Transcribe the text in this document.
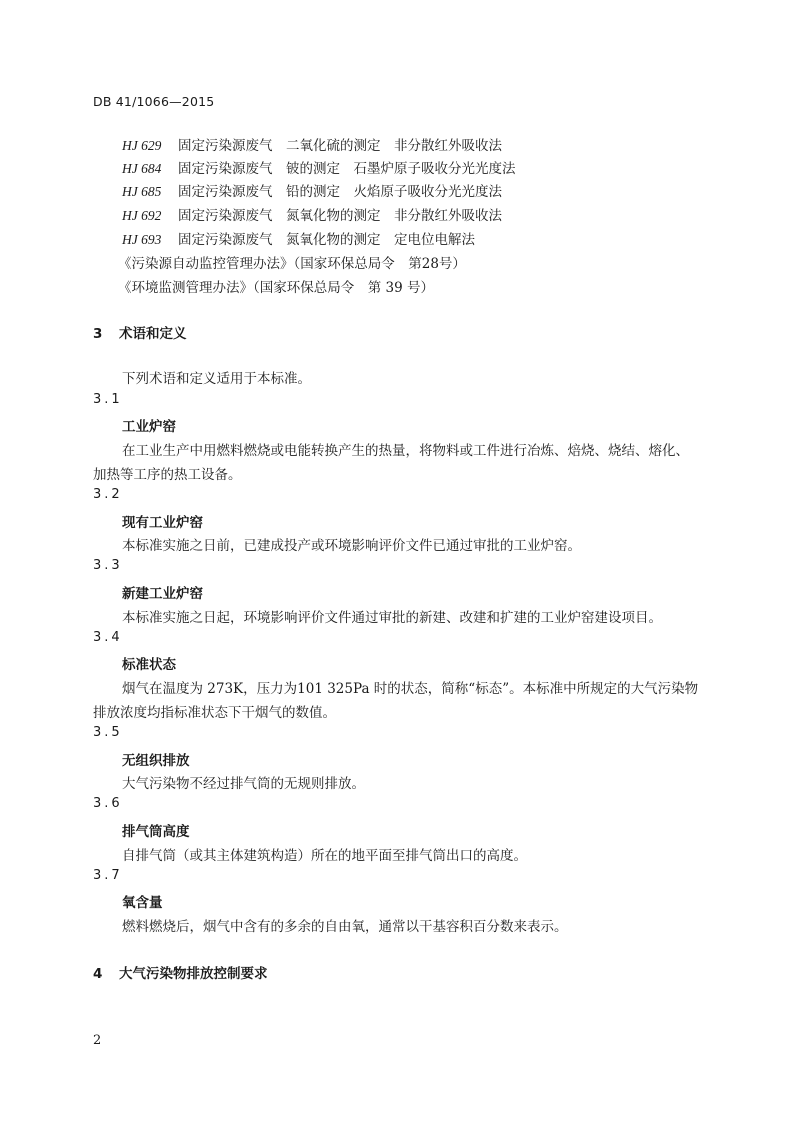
DB 41/1066—2015
HJ 629 固定污染源废气　二氧化硫的测定　非分散红外吸收法
HJ 684 固定污染源废气　铍的测定　石墨炉原子吸收分光光度法
HJ 685 固定污染源废气　铅的测定　火焰原子吸收分光光度法
HJ 692 固定污染源废气　氮氧化物的测定　非分散红外吸收法
HJ 693 固定污染源废气　氮氧化物的测定　定电位电解法
《污染源自动监控管理办法》（国家环保总局令　第28号）
《环境监测管理办法》（国家环保总局令　第 39 号）
3 术语和定义
下列术语和定义适用于本标准。
3.1
工业炉窑
在工业生产中用燃料燃烧或电能转换产生的热量，将物料或工件进行冶炼、焙烧、烧结、熔化、
加热等工序的热工设备。
3.2
现有工业炉窑
本标准实施之日前，已建成投产或环境影响评价文件已通过审批的工业炉窑。
3.3
新建工业炉窑
本标准实施之日起，环境影响评价文件通过审批的新建、改建和扩建的工业炉窑建设项目。
3.4
标准状态
烟气在温度为 273K，压力为101 325Pa 时的状态，简称“标态”。本标准中所规定的大气污染物
排放浓度均指标准状态下干烟气的数值。
3.5
无组织排放
大气污染物不经过排气筒的无规则排放。
3.6
排气筒高度
自排气筒（或其主体建筑构造）所在的地平面至排气筒出口的高度。
3.7
氧含量
燃料燃烧后，烟气中含有的多余的自由氧，通常以干基容积百分数来表示。
4 大气污染物排放控制要求
2
